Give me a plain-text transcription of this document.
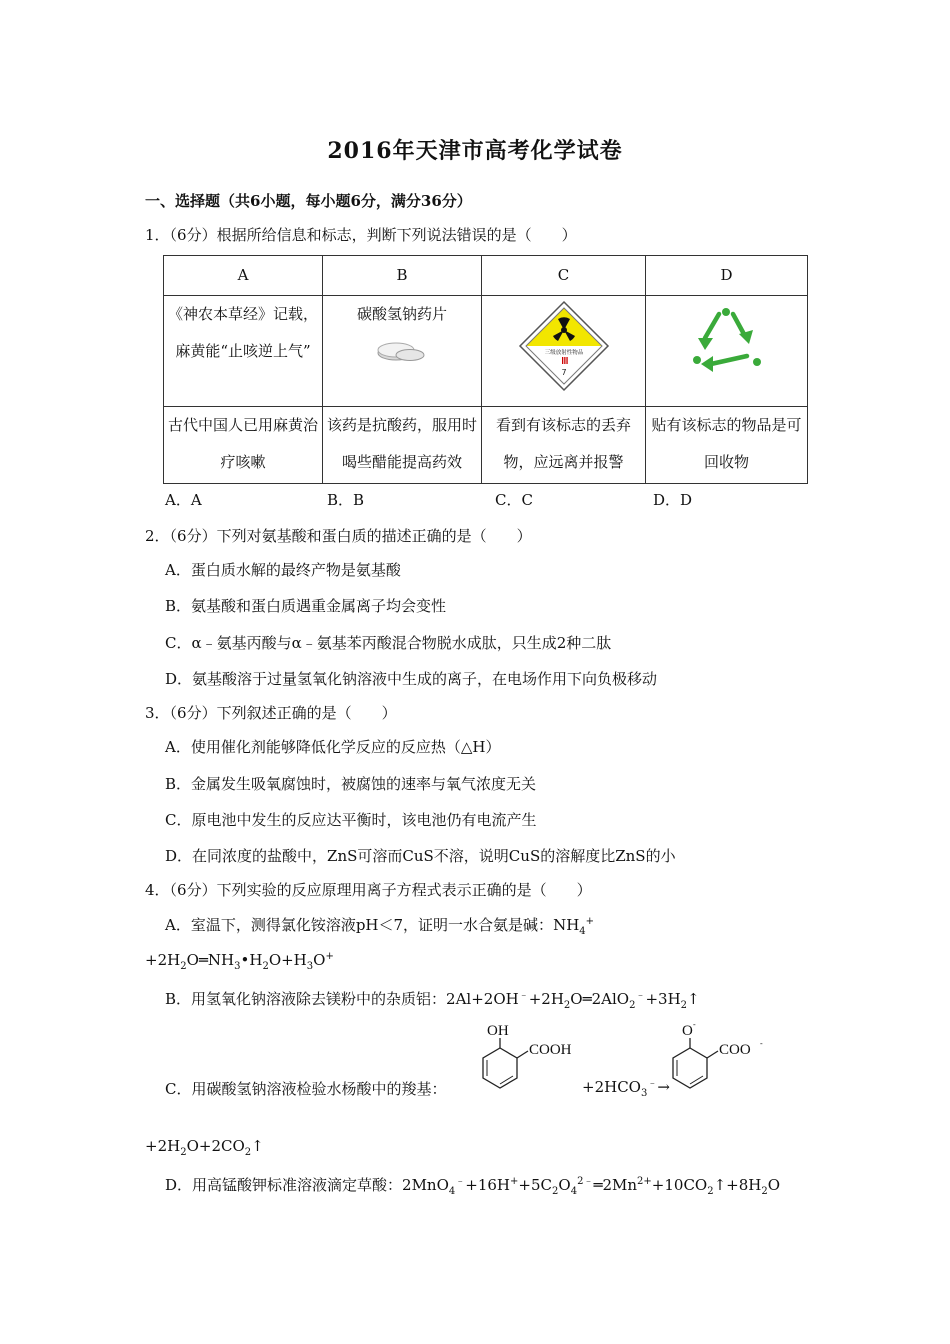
2016年天津市高考化学试卷
一、选择题（共6小题，每小题6分，满分36分）
1．（6分）根据所给信息和标志，判断下列说法错误的是（　　）
A	B	C	D
《神农本草经》记载，麻黄能“止咳逆上气”	碳酸氢钠药片	三级放射性物品
7

古代中国人已用麻黄治疗咳嗽	该药是抗酸药，服用时喝些醋能提高药效	看到有该标志的丢弃物，应远离并报警	贴有该标志的物品是可回收物
A．A	B．B	C．C	D．D
2．（6分）下列对氨基酸和蛋白质的描述正确的是（　　）
A．蛋白质水解的最终产物是氨基酸
B．氨基酸和蛋白质遇重金属离子均会变性
C．α﹣氨基丙酸与α﹣氨基苯丙酸混合物脱水成肽，只生成2种二肽
D．氨基酸溶于过量氢氧化钠溶液中生成的离子，在电场作用下向负极移动
3．（6分）下列叙述正确的是（　　）
A．使用催化剂能够降低化学反应的反应热（△H）
B．金属发生吸氧腐蚀时，被腐蚀的速率与氧气浓度无关
C．原电池中发生的反应达平衡时，该电池仍有电流产生
D．在同浓度的盐酸中，ZnS可溶而CuS不溶，说明CuS的溶解度比ZnS的小
4．（6分）下列实验的反应原理用离子方程式表示正确的是（　　）
A．室温下，测得氯化铵溶液pH＜7，证明一水合氨是碱：$NH_4^+$
$+2H_2O═NH_3•H_2O+H_3O^+$
B．用氢氧化钠溶液除去镁粉中的杂质铝：$2Al+2OH^﹣+2H_2O═2AlO_2^﹣+3H_2↑$
C．用碳酸氢钠溶液检验水杨酸中的羧基：
OH
COOH
$+2HCO_3^﹣\to$
O -
COO -
$+2H_2O+2CO_2↑$
D．用高锰酸钾标准溶液滴定草酸：$2MnO_4^﹣+16H^++5C_2O_4^{2﹣}═2Mn^{2+}+10CO_2↑+8H_2O$
